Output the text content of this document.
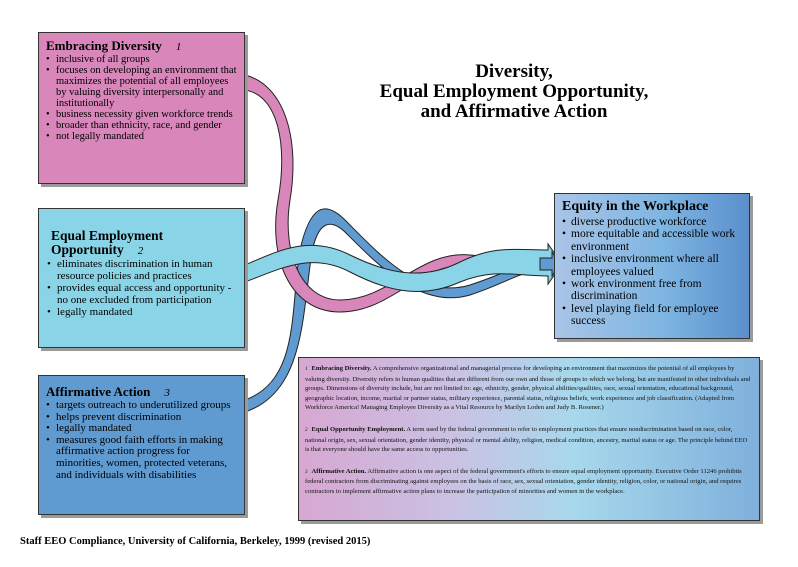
Embracing Diversity 1
• inclusive of all groups
• focuses on developing an environment that maximizes the potential of all employees by valuing diversity interpersonally and institutionally
• business necessity given workforce trends
• broader than ethnicity, race, and gender
• not legally mandated
Equal Employment
Opportunity 2
• eliminates discrimination in human resource policies and practices
• provides equal access and opportunity - no one excluded from participation
• legally mandated
Affirmative Action 3
• targets outreach to underutilized groups
• helps prevent discrimination
• legally mandated
• measures good faith efforts in making affirmative action progress for minorities, women, protected veterans, and individuals with disabilities
Diversity,
Equal Employment Opportunity,
and Affirmative Action
Equity in the Workplace
• diverse productive workforce
• more equitable and accessible work environment
• inclusive environment where all employees valued
• work environment free from discrimination
• level playing field for employee success

1 Embracing Diversity. A comprehensive organizational and managerial process for developing an environment that maximizes the potential of all employees by valuing diversity. Diversity refers to human qualities that are different from our own and those of groups to which we belong, but are manifested in other individuals and groups. Dimensions of diversity include, but are not limited to: age, ethnicity, gender, physical abilities/qualities, race, sexual orientation, educational background, geographic location, income, marital or partner status, military experience, parental status, religious beliefs, work experience and job classification. (Adapted from Workforce America! Managing Employee Diversity as a Vital Resource by Marilyn Loden and Judy B. Rosener.)

2 Equal Opportunity Employment. A term used by the federal government to refer to employment practices that ensure nondiscrimination based on race, color, national origin, sex, sexual orientation, gender identity, physical or mental ability, religion, medical condition, ancestry, marital status or age. The principle behind EEO is that everyone should have the same access to opportunities.

3 Affirmative Action. Affirmative action is one aspect of the federal government's efforts to ensure equal employment opportunity. Executive Order 11246 prohibits federal contractors from discriminating against employees on the basis of race, sex, sexual orientation, gender identity, religion, color, or national origin, and requires contractors to implement affirmative action plans to increase the participation of minorities and women in the workplace.

Staff EEO Compliance, University of California, Berkeley, 1999 (revised 2015)
